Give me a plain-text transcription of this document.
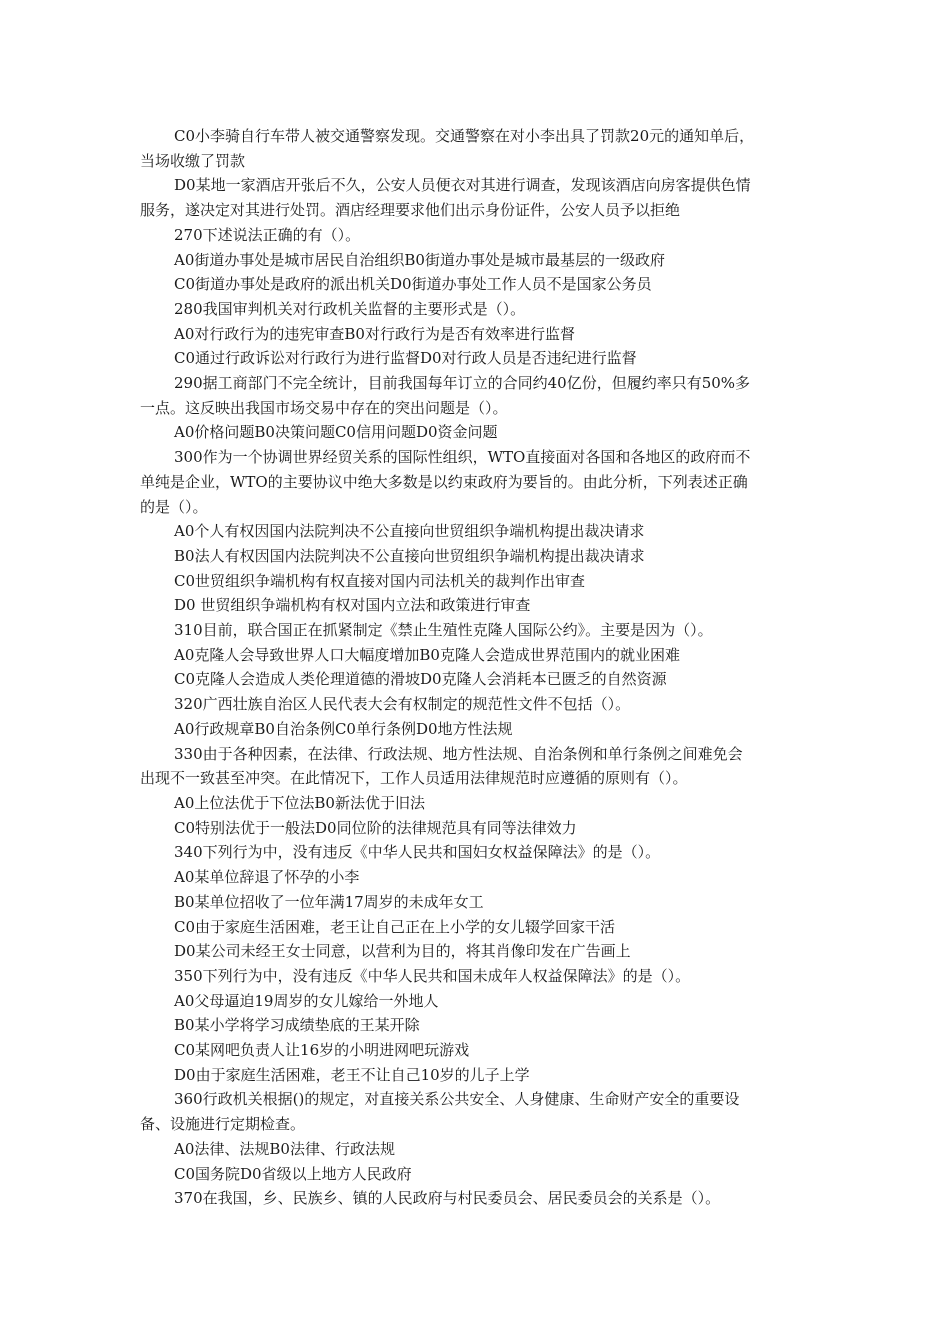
C0小李骑自行车带人被交通警察发现。交通警察在对小李出具了罚款20元的通知单后，

当场收缴了罚款

D0某地一家酒店开张后不久，公安人员便衣对其进行调查，发现该酒店向房客提供色情

服务，遂决定对其进行处罚。酒店经理要求他们出示身份证件，公安人员予以拒绝

270下述说法正确的有（）。

A0街道办事处是城市居民自治组织B0街道办事处是城市最基层的一级政府

C0街道办事处是政府的派出机关D0街道办事处工作人员不是国家公务员

280我国审判机关对行政机关监督的主要形式是（）。

A0对行政行为的违宪审查B0对行政行为是否有效率进行监督

C0通过行政诉讼对行政行为进行监督D0对行政人员是否违纪进行监督

290据工商部门不完全统计，目前我国每年订立的合同约40亿份，但履约率只有50%多

一点。这反映出我国市场交易中存在的突出问题是（）。

A0价格问题B0决策问题C0信用问题D0资金问题

300作为一个协调世界经贸关系的国际性组织，WTO直接面对各国和各地区的政府而不

单纯是企业，WTO的主要协议中绝大多数是以约束政府为要旨的。由此分析，下列表述正确

的是（）。

A0个人有权因国内法院判决不公直接向世贸组织争端机构提出裁决请求

B0法人有权因国内法院判决不公直接向世贸组织争端机构提出裁决请求

C0世贸组织争端机构有权直接对国内司法机关的裁判作出审查

D0 世贸组织争端机构有权对国内立法和政策进行审查

310目前，联合国正在抓紧制定《禁止生殖性克隆人国际公约》。主要是因为（）。

A0克隆人会导致世界人口大幅度增加B0克隆人会造成世界范围内的就业困难

C0克隆人会造成人类伦理道德的滑坡D0克隆人会消耗本已匮乏的自然资源

320广西壮族自治区人民代表大会有权制定的规范性文件不包括（）。

A0行政规章B0自治条例C0单行条例D0地方性法规

330由于各种因素，在法律、行政法规、地方性法规、自治条例和单行条例之间难免会

出现不一致甚至冲突。在此情况下，工作人员适用法律规范时应遵循的原则有（）。

A0上位法优于下位法B0新法优于旧法

C0特别法优于一般法D0同位阶的法律规范具有同等法律效力

340下列行为中，没有违反《中华人民共和国妇女权益保障法》的是（）。

A0某单位辞退了怀孕的小李

B0某单位招收了一位年满17周岁的未成年女工

C0由于家庭生活困难，老王让自己正在上小学的女儿辍学回家干活

D0某公司未经王女士同意，以营利为目的，将其肖像印发在广告画上

350下列行为中，没有违反《中华人民共和国未成年人权益保障法》的是（）。

A0父母逼迫19周岁的女儿嫁给一外地人

B0某小学将学习成绩垫底的王某开除

C0某网吧负责人让16岁的小明进网吧玩游戏

D0由于家庭生活困难，老王不让自己10岁的儿子上学

360行政机关根据()的规定，对直接关系公共安全、人身健康、生命财产安全的重要设

备、设施进行定期检查。

A0法律、法规B0法律、行政法规

C0国务院D0省级以上地方人民政府

370在我国，乡、民族乡、镇的人民政府与村民委员会、居民委员会的关系是（）。
